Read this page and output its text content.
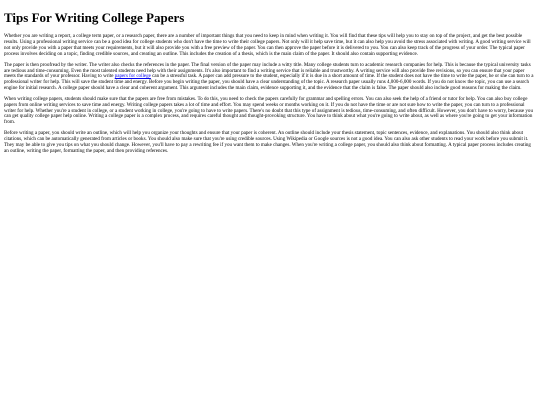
Tips For Writing College Papers

Whether you are writing a report, a college term paper, or a research paper, there are a number of important things that you need to keep in mind when writing it. You will find that these tips will help you to stay on top of the project, and get the best possible results. Using a professional writing service can be a good idea for college students who don't have the time to write their college papers. Not only will it help save time, but it can also help you avoid the stress associated with writing. A good writing service will not only provide you with a paper that meets your requirements, but it will also provide you with a free preview of the paper. You can then approve the paper before it is delivered to you. You can also keep track of the progress of your order. The typical paper process involves deciding on a topic, finding credible sources, and creating an outline. This includes the creation of a thesis, which is the main claim of the paper. It should also contain supporting evidence.

The paper is then proofread by the writer. The writer also checks the references in the paper. The final version of the paper may include a witty title. Many college students turn to academic research companies for help. This is because the typical university tasks are tedious and time-consuming. Even the most talented students need help with their assignments. It's also important to find a writing service that is reliable and trustworthy. A writing service will also provide free revisions, so you can ensure that your paper meets the standards of your professor. Having to write papers for college can be a stressful task. A paper can add pressure to the student, especially if it is due in a short amount of time. If the student does not have the time to write the paper, he or she can turn to a professional writer for help. This will save the student time and energy. Before you begin writing the paper, you should have a clear understanding of the topic. A research paper usually runs 4,000-6,000 words. If you do not know the topic, you can use a search engine for initial research. A college paper should have a clear and coherent argument. This argument includes the main claim, evidence supporting it, and the evidence that the claim is false. The paper should also include good reasons for making the claim.

When writing college papers, students should make sure that the papers are free from mistakes. To do this, you need to check the papers carefully for grammar and spelling errors. You can also seek the help of a friend or tutor for help. You can also buy college papers from online writing services to save time and energy. Writing college papers takes a lot of time and effort. You may spend weeks or months working on it. If you do not have the time or are not sure how to write the paper, you can turn to a professional writer for help. Whether you're a student in college, or a student working in college, you're going to have to write papers. There's no doubt that this type of assignment is tedious, time-consuming, and often difficult. However, you don't have to worry, because you can get quality college paper help online. Writing a college paper is a complex process, and requires careful thought and thought-provoking structure. You have to think about what you're going to write about, as well as where you're going to get your information from.

Before writing a paper, you should write an outline, which will help you organize your thoughts and ensure that your paper is coherent. An outline should include your thesis statement, topic sentences, evidence, and explanations. You should also think about citations, which can be automatically generated from articles or books. You should also make sure that you're using credible sources. Using Wikipedia or Google sources is not a good idea. You can also ask other students to read your work before you submit it. They may be able to give you tips on what you should change. However, you'll have to pay a rewriting fee if you want them to make changes. When you're writing a college paper, you should also think about formatting. A typical paper process includes creating an outline, writing the paper, formatting the paper, and then providing references.
